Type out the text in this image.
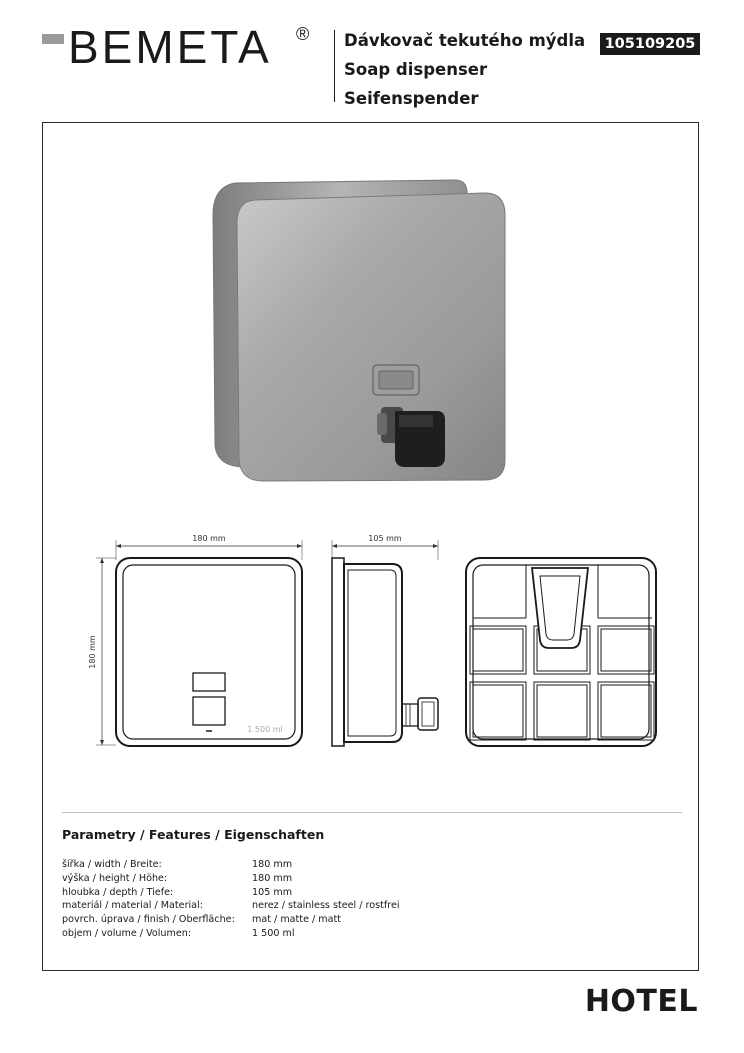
BEMETA ® Dávkovač tekutého mýdla
Soap dispenser
Seifenspender
105109205
180 mm
180 mm
1 500 ml
105 mm
Parametry / Features / Eigenschaften
šířka / width / Breite:	180 mm
výška / height / Höhe:	180 mm
hloubka / depth / Tiefe:	105 mm
materiál / material / Material:	nerez / stainless steel / rostfrei
povrch. úprava / finish / Oberfläche:	mat / matte / matt
objem / volume / Volumen:	1 500 ml
HOTEL
